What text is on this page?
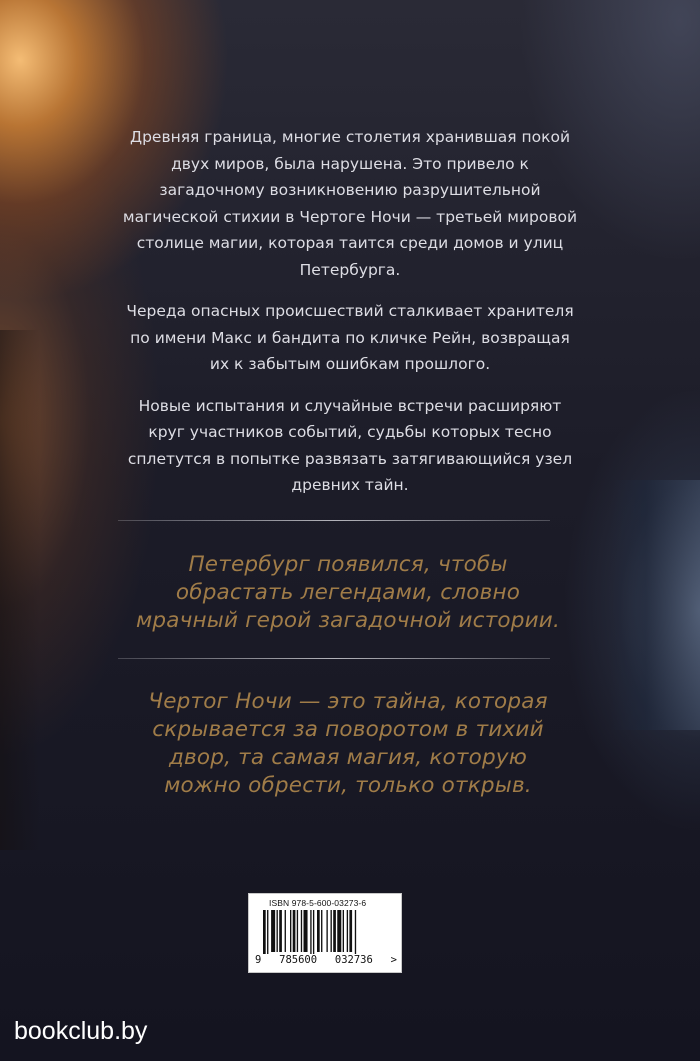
Древняя граница, многие столетия хранившая покой двух миров, была нарушена. Это привело к загадочному возникновению разрушительной магической стихии в Чертоге Ночи — третьей мировой столице магии, которая таится среди домов и улиц Петербурга.

Череда опасных происшествий сталкивает хранителя по имени Макс и бандита по кличке Рейн, возвращая их к забытым ошибкам прошлого.

Новые испытания и случайные встречи расширяют круг участников событий, судьбы которых тесно сплетутся в попытке развязать затягивающийся узел древних тайн.

Петербург появился, чтобы обрастать легендами, словно мрачный герой загадочной истории.
Чертог Ночи — это тайна, которая скрывается за поворотом в тихий двор, та самая магия, которую можно обрести, только открыв.
ISBN 978-5-600-03273-6
9 785600 032736 >
bookclub.by
